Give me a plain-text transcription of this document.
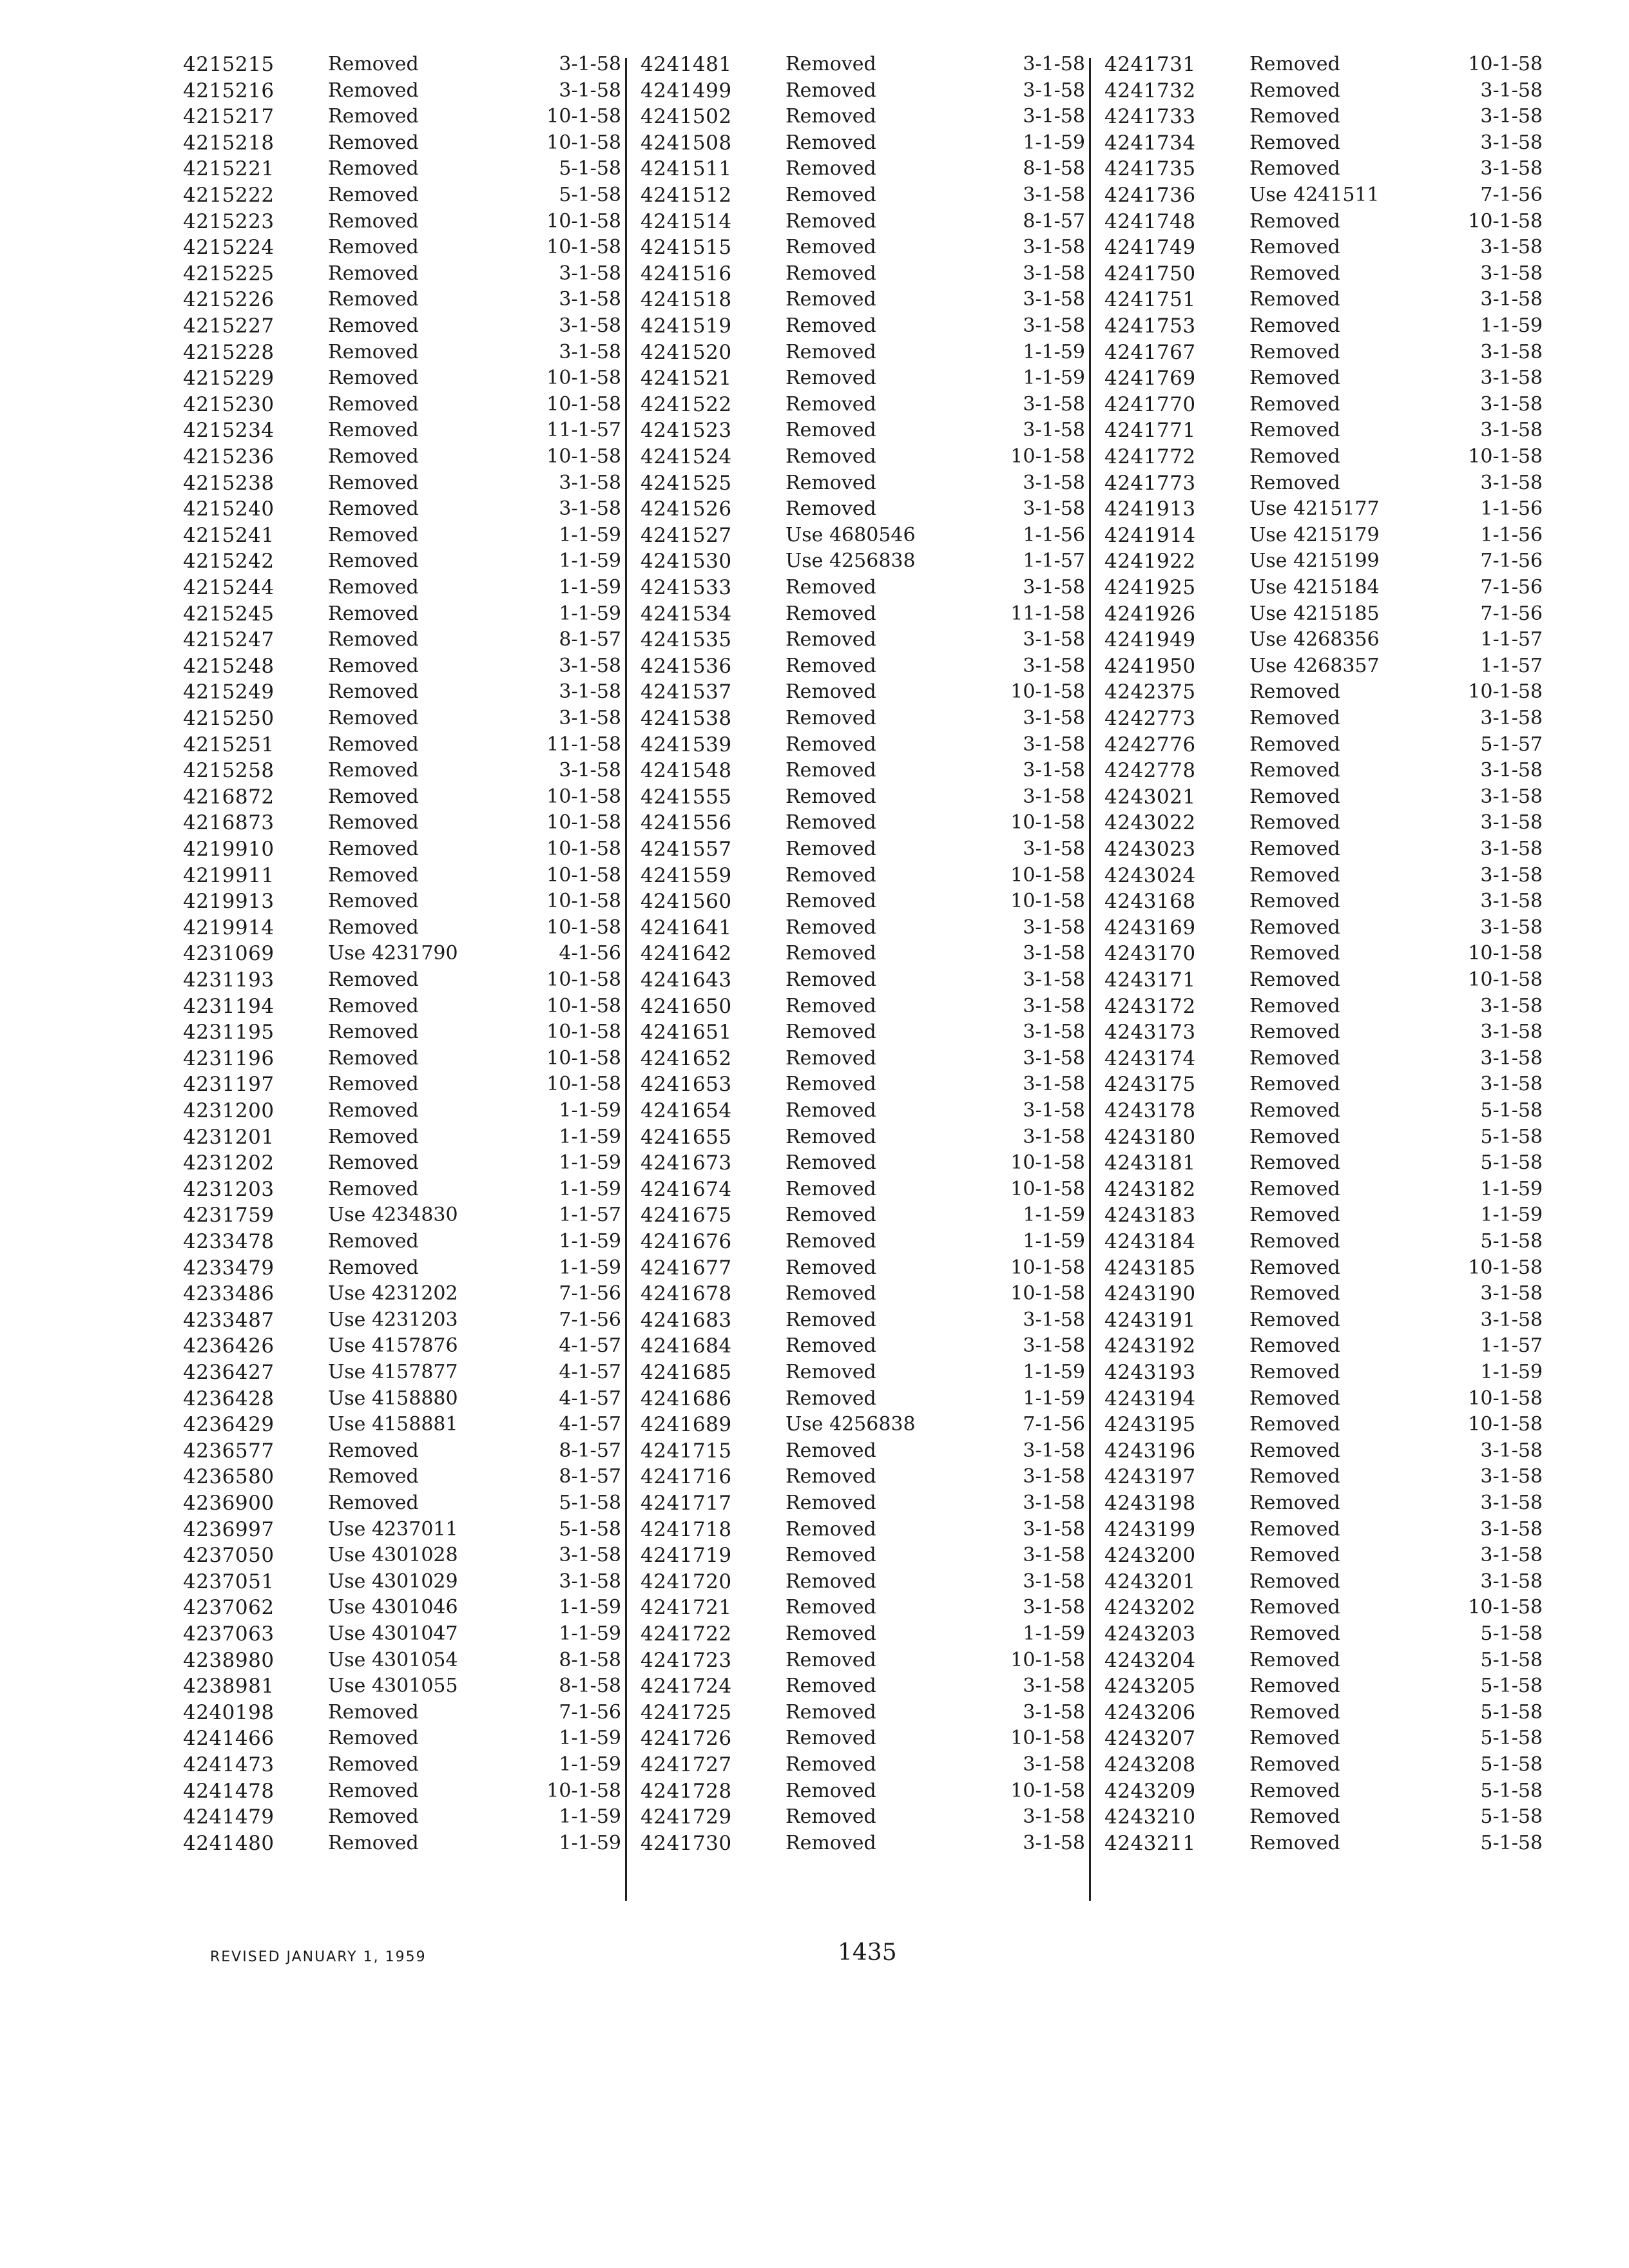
4215215	Removed	3-1-58
4215216	Removed	3-1-58
4215217	Removed	10-1-58
4215218	Removed	10-1-58
4215221	Removed	5-1-58
4215222	Removed	5-1-58
4215223	Removed	10-1-58
4215224	Removed	10-1-58
4215225	Removed	3-1-58
4215226	Removed	3-1-58
4215227	Removed	3-1-58
4215228	Removed	3-1-58
4215229	Removed	10-1-58
4215230	Removed	10-1-58
4215234	Removed	11-1-57
4215236	Removed	10-1-58
4215238	Removed	3-1-58
4215240	Removed	3-1-58
4215241	Removed	1-1-59
4215242	Removed	1-1-59
4215244	Removed	1-1-59
4215245	Removed	1-1-59
4215247	Removed	8-1-57
4215248	Removed	3-1-58
4215249	Removed	3-1-58
4215250	Removed	3-1-58
4215251	Removed	11-1-58
4215258	Removed	3-1-58
4216872	Removed	10-1-58
4216873	Removed	10-1-58
4219910	Removed	10-1-58
4219911	Removed	10-1-58
4219913	Removed	10-1-58
4219914	Removed	10-1-58
4231069	Use 4231790	4-1-56
4231193	Removed	10-1-58
4231194	Removed	10-1-58
4231195	Removed	10-1-58
4231196	Removed	10-1-58
4231197	Removed	10-1-58
4231200	Removed	1-1-59
4231201	Removed	1-1-59
4231202	Removed	1-1-59
4231203	Removed	1-1-59
4231759	Use 4234830	1-1-57
4233478	Removed	1-1-59
4233479	Removed	1-1-59
4233486	Use 4231202	7-1-56
4233487	Use 4231203	7-1-56
4236426	Use 4157876	4-1-57
4236427	Use 4157877	4-1-57
4236428	Use 4158880	4-1-57
4236429	Use 4158881	4-1-57
4236577	Removed	8-1-57
4236580	Removed	8-1-57
4236900	Removed	5-1-58
4236997	Use 4237011	5-1-58
4237050	Use 4301028	3-1-58
4237051	Use 4301029	3-1-58
4237062	Use 4301046	1-1-59
4237063	Use 4301047	1-1-59
4238980	Use 4301054	8-1-58
4238981	Use 4301055	8-1-58
4240198	Removed	7-1-56
4241466	Removed	1-1-59
4241473	Removed	1-1-59
4241478	Removed	10-1-58
4241479	Removed	1-1-59
4241480	Removed	1-1-59
4241481	Removed	3-1-58
4241499	Removed	3-1-58
4241502	Removed	3-1-58
4241508	Removed	1-1-59
4241511	Removed	8-1-58
4241512	Removed	3-1-58
4241514	Removed	8-1-57
4241515	Removed	3-1-58
4241516	Removed	3-1-58
4241518	Removed	3-1-58
4241519	Removed	3-1-58
4241520	Removed	1-1-59
4241521	Removed	1-1-59
4241522	Removed	3-1-58
4241523	Removed	3-1-58
4241524	Removed	10-1-58
4241525	Removed	3-1-58
4241526	Removed	3-1-58
4241527	Use 4680546	1-1-56
4241530	Use 4256838	1-1-57
4241533	Removed	3-1-58
4241534	Removed	11-1-58
4241535	Removed	3-1-58
4241536	Removed	3-1-58
4241537	Removed	10-1-58
4241538	Removed	3-1-58
4241539	Removed	3-1-58
4241548	Removed	3-1-58
4241555	Removed	3-1-58
4241556	Removed	10-1-58
4241557	Removed	3-1-58
4241559	Removed	10-1-58
4241560	Removed	10-1-58
4241641	Removed	3-1-58
4241642	Removed	3-1-58
4241643	Removed	3-1-58
4241650	Removed	3-1-58
4241651	Removed	3-1-58
4241652	Removed	3-1-58
4241653	Removed	3-1-58
4241654	Removed	3-1-58
4241655	Removed	3-1-58
4241673	Removed	10-1-58
4241674	Removed	10-1-58
4241675	Removed	1-1-59
4241676	Removed	1-1-59
4241677	Removed	10-1-58
4241678	Removed	10-1-58
4241683	Removed	3-1-58
4241684	Removed	3-1-58
4241685	Removed	1-1-59
4241686	Removed	1-1-59
4241689	Use 4256838	7-1-56
4241715	Removed	3-1-58
4241716	Removed	3-1-58
4241717	Removed	3-1-58
4241718	Removed	3-1-58
4241719	Removed	3-1-58
4241720	Removed	3-1-58
4241721	Removed	3-1-58
4241722	Removed	1-1-59
4241723	Removed	10-1-58
4241724	Removed	3-1-58
4241725	Removed	3-1-58
4241726	Removed	10-1-58
4241727	Removed	3-1-58
4241728	Removed	10-1-58
4241729	Removed	3-1-58
4241730	Removed	3-1-58
4241731	Removed	10-1-58
4241732	Removed	3-1-58
4241733	Removed	3-1-58
4241734	Removed	3-1-58
4241735	Removed	3-1-58
4241736	Use 4241511	7-1-56
4241748	Removed	10-1-58
4241749	Removed	3-1-58
4241750	Removed	3-1-58
4241751	Removed	3-1-58
4241753	Removed	1-1-59
4241767	Removed	3-1-58
4241769	Removed	3-1-58
4241770	Removed	3-1-58
4241771	Removed	3-1-58
4241772	Removed	10-1-58
4241773	Removed	3-1-58
4241913	Use 4215177	1-1-56
4241914	Use 4215179	1-1-56
4241922	Use 4215199	7-1-56
4241925	Use 4215184	7-1-56
4241926	Use 4215185	7-1-56
4241949	Use 4268356	1-1-57
4241950	Use 4268357	1-1-57
4242375	Removed	10-1-58
4242773	Removed	3-1-58
4242776	Removed	5-1-57
4242778	Removed	3-1-58
4243021	Removed	3-1-58
4243022	Removed	3-1-58
4243023	Removed	3-1-58
4243024	Removed	3-1-58
4243168	Removed	3-1-58
4243169	Removed	3-1-58
4243170	Removed	10-1-58
4243171	Removed	10-1-58
4243172	Removed	3-1-58
4243173	Removed	3-1-58
4243174	Removed	3-1-58
4243175	Removed	3-1-58
4243178	Removed	5-1-58
4243180	Removed	5-1-58
4243181	Removed	5-1-58
4243182	Removed	1-1-59
4243183	Removed	1-1-59
4243184	Removed	5-1-58
4243185	Removed	10-1-58
4243190	Removed	3-1-58
4243191	Removed	3-1-58
4243192	Removed	1-1-57
4243193	Removed	1-1-59
4243194	Removed	10-1-58
4243195	Removed	10-1-58
4243196	Removed	3-1-58
4243197	Removed	3-1-58
4243198	Removed	3-1-58
4243199	Removed	3-1-58
4243200	Removed	3-1-58
4243201	Removed	3-1-58
4243202	Removed	10-1-58
4243203	Removed	5-1-58
4243204	Removed	5-1-58
4243205	Removed	5-1-58
4243206	Removed	5-1-58
4243207	Removed	5-1-58
4243208	Removed	5-1-58
4243209	Removed	5-1-58
4243210	Removed	5-1-58
4243211	Removed	5-1-58
REVISED JANUARY 1, 1959	1435
